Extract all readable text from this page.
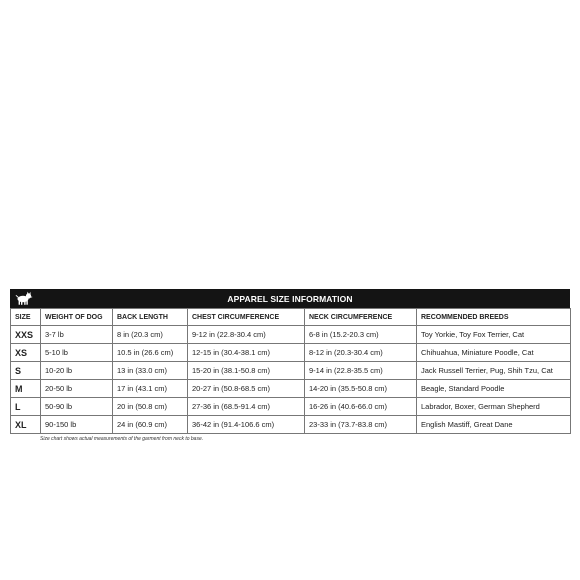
APPAREL SIZE INFORMATION
SIZE	WEIGHT OF DOG	BACK LENGTH	CHEST CIRCUMFERENCE	NECK CIRCUMFERENCE	RECOMMENDED BREEDS
XXS	3-7 lb	8 in (20.3 cm)	9-12 in (22.8-30.4 cm)	6-8 in (15.2-20.3 cm)	Toy Yorkie, Toy Fox Terrier, Cat
XS	5-10 lb	10.5 in (26.6 cm)	12-15 in (30.4-38.1 cm)	8-12 in (20.3-30.4 cm)	Chihuahua, Miniature Poodle, Cat
S	10-20 lb	13 in (33.0 cm)	15-20 in (38.1-50.8 cm)	9-14 in (22.8-35.5 cm)	Jack Russell Terrier, Pug, Shih Tzu, Cat
M	20-50 lb	17 in (43.1 cm)	20-27 in (50.8-68.5 cm)	14-20 in (35.5-50.8 cm)	Beagle, Standard Poodle
L	50-90 lb	20 in (50.8 cm)	27-36 in (68.5-91.4 cm)	16-26 in (40.6-66.0 cm)	Labrador, Boxer, German Shepherd
XL	90-150 lb	24 in (60.9 cm)	36-42 in (91.4-106.6 cm)	23-33 in (73.7-83.8 cm)	English Mastiff, Great Dane
Size chart shows actual measurements of the garment from neck to base.
